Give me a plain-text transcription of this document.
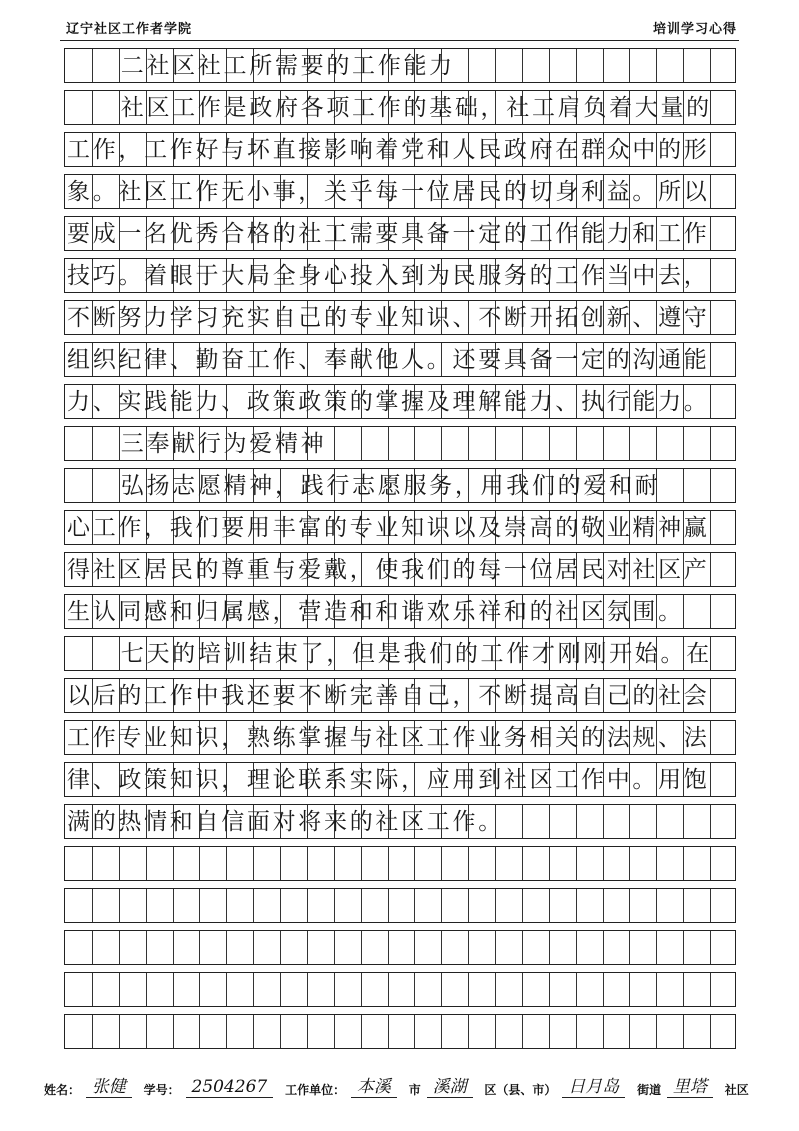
辽宁社区工作者学院	培训学习心得
二社区社工所需要的工作能力
社区工作是政府各项工作的基础，社工肩负着大量的
工作，工作好与坏直接影响着党和人民政府在群众中的形
象。社区工作无小事，关乎每一位居民的切身利益。所以
要成一名优秀合格的社工需要具备一定的工作能力和工作
技巧。着眼于大局全身心投入到为民服务的工作当中去，
不断努力学习充实自己的专业知识、不断开拓创新、遵守
组织纪律、勤奋工作、奉献他人。还要具备一定的沟通能
力、实践能力、政策政策的掌握及理解能力、执行能力。
三奉献行为爱精神
弘扬志愿精神，践行志愿服务，用我们的爱和耐
心工作，我们要用丰富的专业知识以及崇高的敬业精神赢
得社区居民的尊重与爱戴，使我们的每一位居民对社区产
生认同感和归属感，营造和和谐欢乐祥和的社区氛围。
七天的培训结束了，但是我们的工作才刚刚开始。在
以后的工作中我还要不断完善自己，不断提高自己的社会
工作专业知识，熟练掌握与社区工作业务相关的法规、法
律、政策知识，理论联系实际，应用到社区工作中。用饱
满的热情和自信面对将来的社区工作。
姓名： 张健 学号： 2504267 工作单位： 本溪 市 溪湖 区（县、市） 日月岛 街道 里塔 社区
